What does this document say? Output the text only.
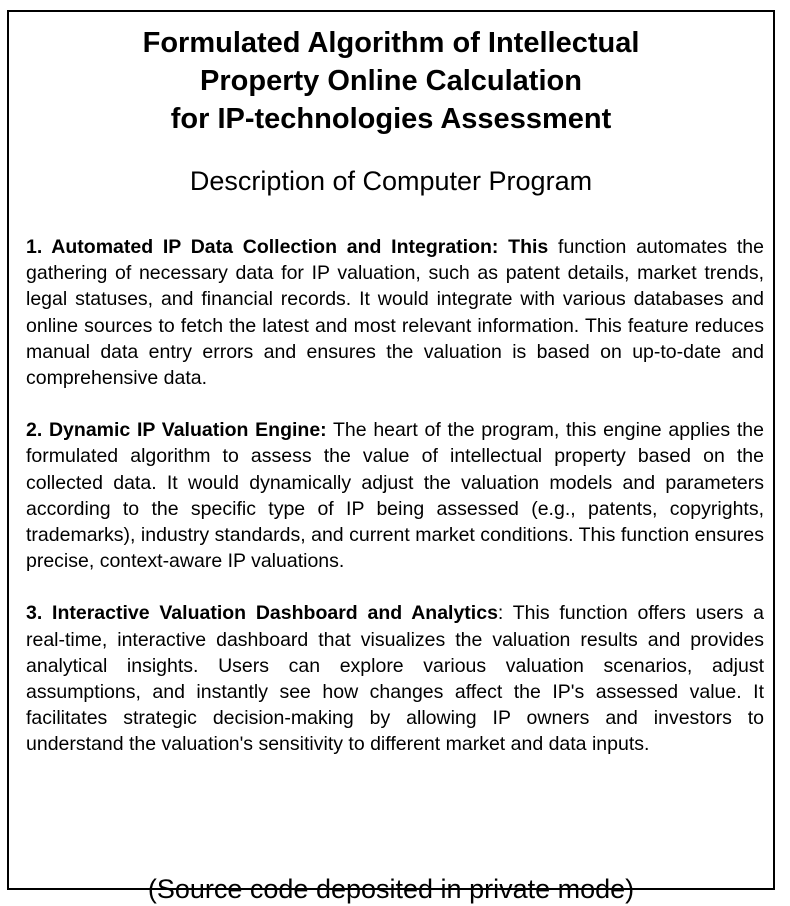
Formulated Algorithm of Intellectual
Property Online Calculation
for IP-technologies Assessment
Description of Computer Program

1. Automated IP Data Collection and Integration: This function automates the gathering of necessary data for IP valuation, such as patent details, market trends, legal statuses, and financial records. It would integrate with various databases and online sources to fetch the latest and most relevant information. This feature reduces manual data entry errors and ensures the valuation is based on up-to-date and comprehensive data.

2. Dynamic IP Valuation Engine: The heart of the program, this engine applies the formulated algorithm to assess the value of intellectual property based on the collected data. It would dynamically adjust the valuation models and parameters according to the specific type of IP being assessed (e.g., patents, copyrights, trademarks), industry standards, and current market conditions. This function ensures precise, context-aware IP valuations.

3. Interactive Valuation Dashboard and Analytics: This function offers users a real-time, interactive dashboard that visualizes the valuation results and provides analytical insights. Users can explore various valuation scenarios, adjust assumptions, and instantly see how changes affect the IP's assessed value. It facilitates strategic decision-making by allowing IP owners and investors to understand the valuation's sensitivity to different market and data inputs.

(Source code deposited in private mode)
